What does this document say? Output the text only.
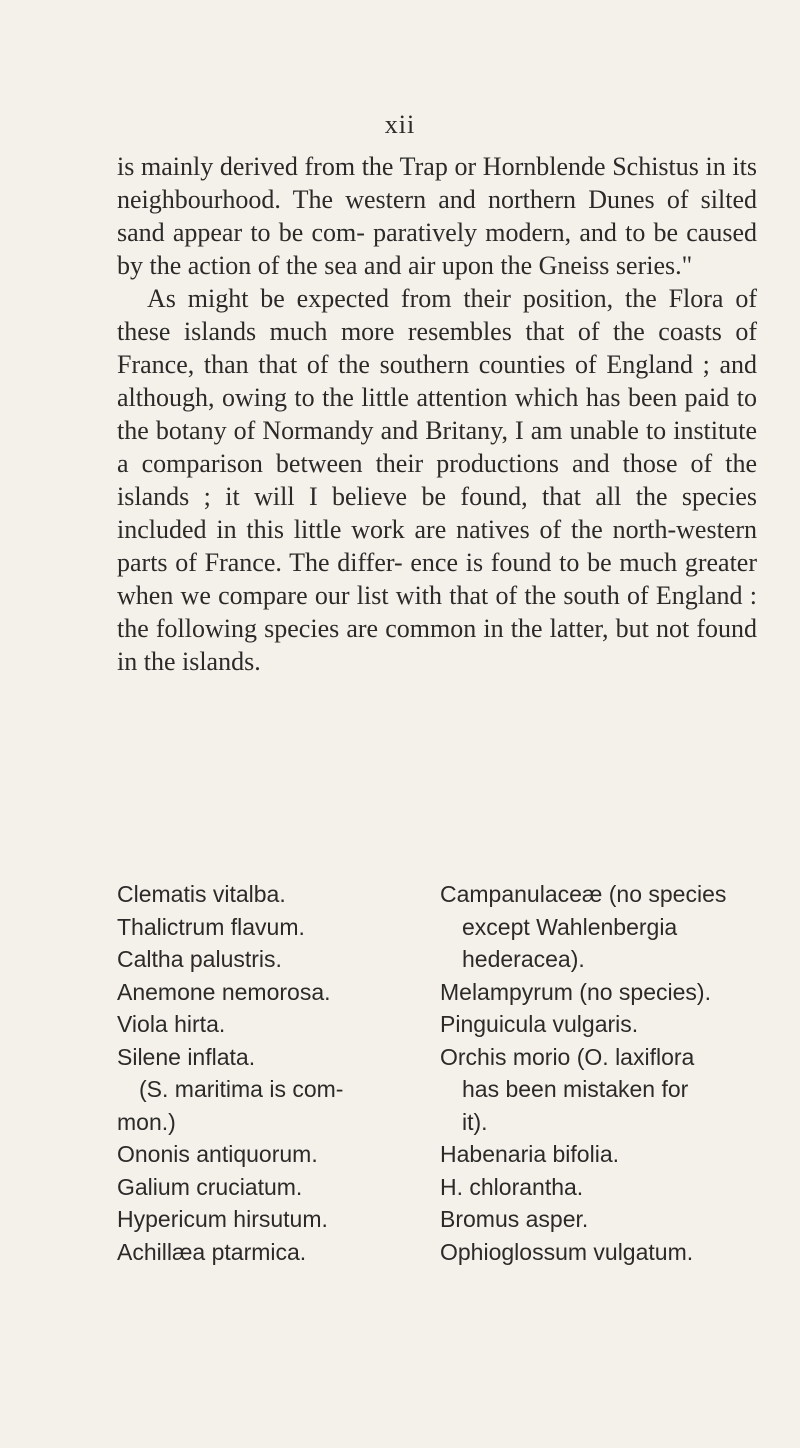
xii

is mainly derived from the Trap or Hornblende Schistus in its neighbourhood. The western and northern Dunes of silted sand appear to be com- paratively modern, and to be caused by the action of the sea and air upon the Gneiss series."

As might be expected from their position, the Flora of these islands much more resembles that of the coasts of France, than that of the southern counties of England ; and although, owing to the little attention which has been paid to the botany of Normandy and Britany, I am unable to institute a comparison between their productions and those of the islands ; it will I believe be found, that all the species included in this little work are natives of the north-western parts of France. The differ- ence is found to be much greater when we compare our list with that of the south of England : the following species are common in the latter, but not found in the islands.

Clematis vitalba.
Thalictrum flavum.
Caltha palustris.
Anemone nemorosa.
Viola hirta.
Silene inflata.
(S. maritima is com-
mon.)
Ononis antiquorum.
Galium cruciatum.
Hypericum hirsutum.
Achillæa ptarmica.
Campanulaceæ (no species
except Wahlenbergia
hederacea).
Melampyrum (no species).
Pinguicula vulgaris.
Orchis morio (O. laxiflora
has been mistaken for
it).
Habenaria bifolia.
H. chlorantha.
Bromus asper.
Ophioglossum vulgatum.
